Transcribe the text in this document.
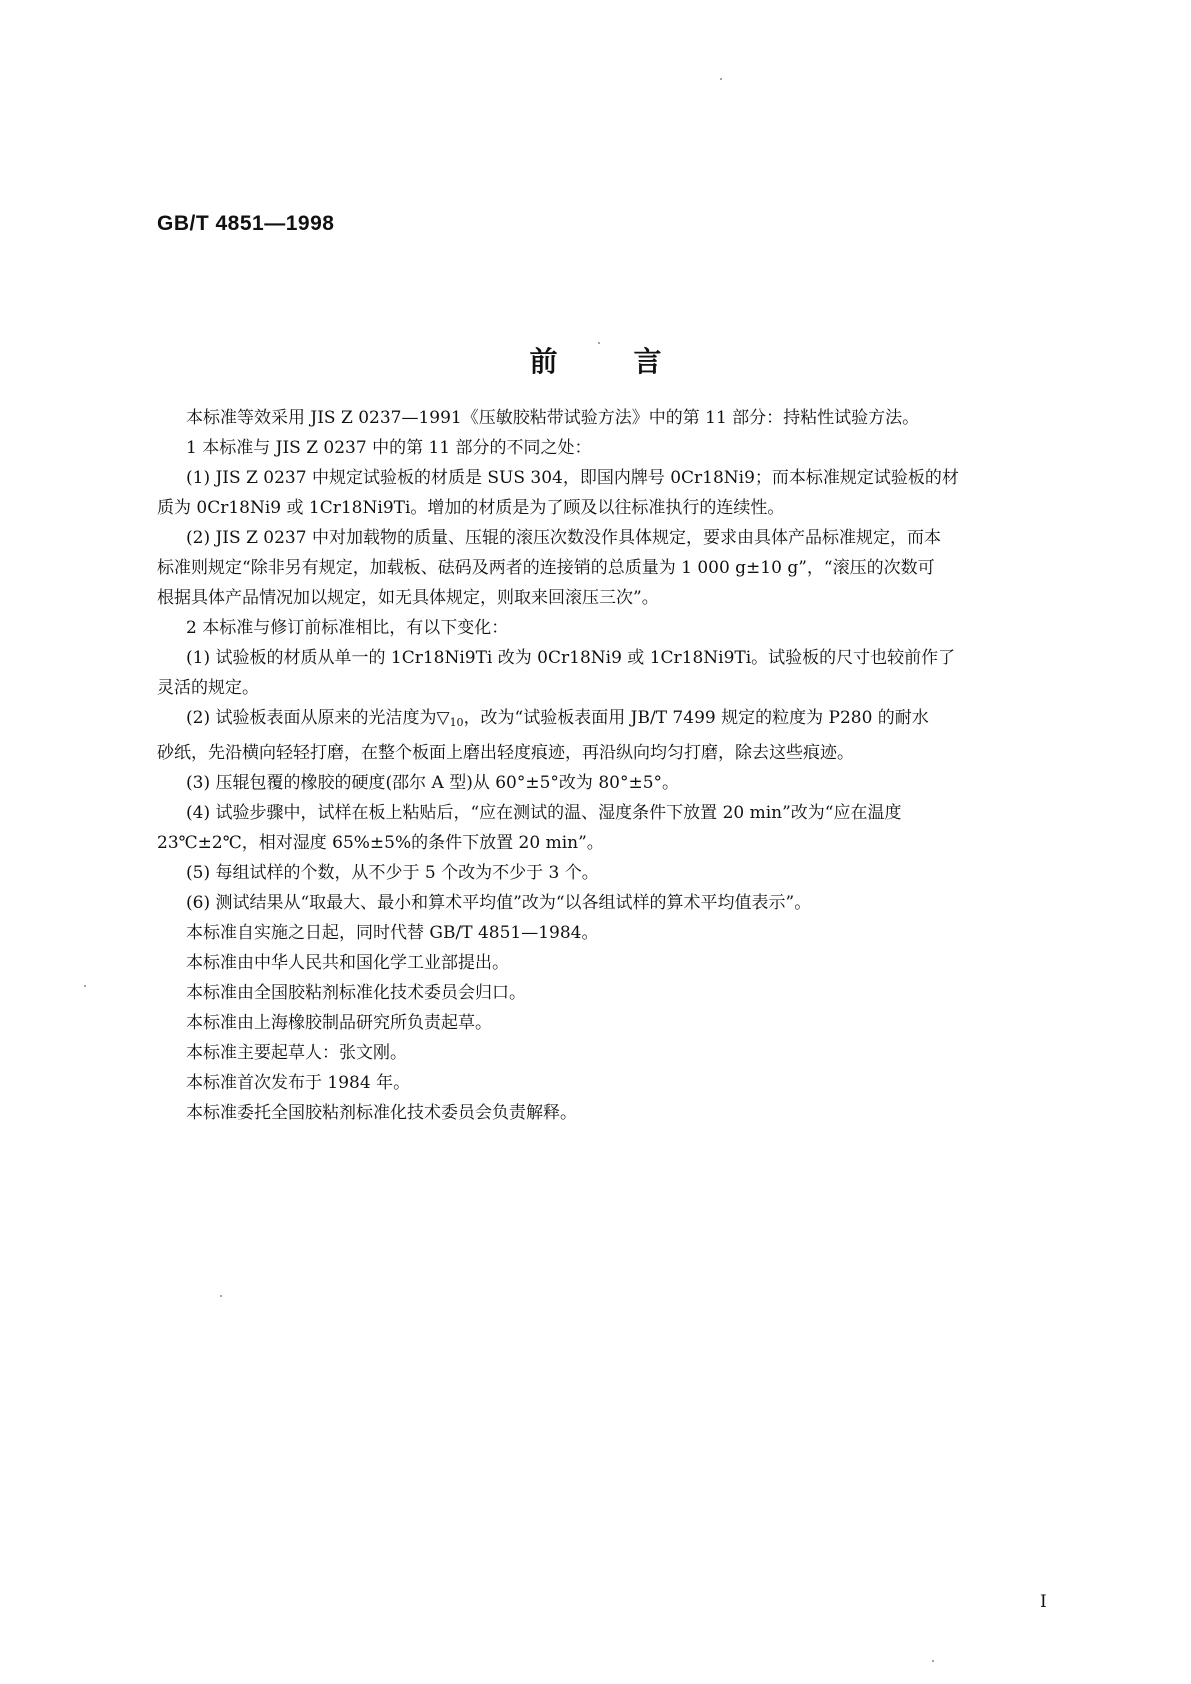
GB/T 4851—1998

前言

本标准等效采用 JIS Z 0237—1991《压敏胶粘带试验方法》中的第 11 部分：持粘性试验方法。

1 本标准与 JIS Z 0237 中的第 11 部分的不同之处：

(1) JIS Z 0237 中规定试验板的材质是 SUS 304，即国内牌号 0Cr18Ni9；而本标准规定试验板的材

质为 0Cr18Ni9 或 1Cr18Ni9Ti。增加的材质是为了顾及以往标准执行的连续性。

(2) JIS Z 0237 中对加载物的质量、压辊的滚压次数没作具体规定，要求由具体产品标准规定，而本

标准则规定“除非另有规定，加载板、砝码及两者的连接销的总质量为 1 000 g±10 g”，“滚压的次数可

根据具体产品情况加以规定，如无具体规定，则取来回滚压三次”。

2 本标准与修订前标准相比，有以下变化：

(1) 试验板的材质从单一的 1Cr18Ni9Ti 改为 0Cr18Ni9 或 1Cr18Ni9Ti。试验板的尺寸也较前作了

灵活的规定。

(2) 试验板表面从原来的光洁度为$▽_{10}$，改为“试验板表面用 JB/T 7499 规定的粒度为 P280 的耐水

砂纸，先沿横向轻轻打磨，在整个板面上磨出轻度痕迹，再沿纵向均匀打磨，除去这些痕迹。

(3) 压辊包覆的橡胶的硬度(邵尔 A 型)从 60°±5°改为 80°±5°。

(4) 试验步骤中，试样在板上粘贴后，“应在测试的温、湿度条件下放置 20 min”改为“应在温度

23℃±2℃，相对湿度 65%±5%的条件下放置 20 min”。

(5) 每组试样的个数，从不少于 5 个改为不少于 3 个。

(6) 测试结果从“取最大、最小和算术平均值”改为“以各组试样的算术平均值表示”。

本标准自实施之日起，同时代替 GB/T 4851—1984。

本标准由中华人民共和国化学工业部提出。

本标准由全国胶粘剂标准化技术委员会归口。

本标准由上海橡胶制品研究所负责起草。

本标准主要起草人：张文刚。

本标准首次发布于 1984 年。

本标准委托全国胶粘剂标准化技术委员会负责解释。

I
